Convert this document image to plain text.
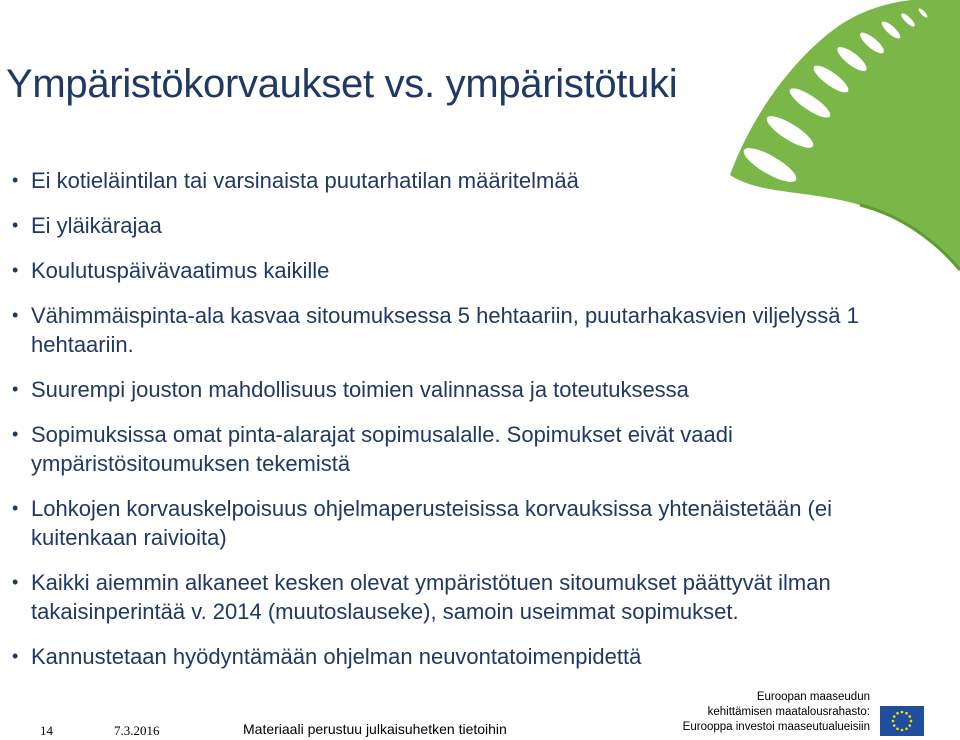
Ympäristökorvaukset vs. ympäristötuki
• Ei kotieläintilan tai varsinaista puutarhatilan määritelmää
• Ei yläikärajaa
• Koulutuspäivävaatimus kaikille
• Vähimmäispinta-ala kasvaa sitoumuksessa 5 hehtaariin, puutarhakasvien viljelyssä 1 hehtaariin.
• Suurempi jouston mahdollisuus toimien valinnassa ja toteutuksessa
• Sopimuksissa omat pinta-alarajat sopimusalalle. Sopimukset eivät vaadi ympäristösitoumuksen tekemistä
• Lohkojen korvauskelpoisuus ohjelmaperusteisissa korvauksissa yhtenäistetään (ei kuitenkaan raivioita)
• Kaikki aiemmin alkaneet kesken olevat ympäristötuen sitoumukset päättyvät ilman takaisinperintää v. 2014 (muutoslauseke), samoin useimmat sopimukset.
• Kannustetaan hyödyntämään ohjelman neuvontatoimenpidettä
14	7.3.2016	Materiaali perustuu julkaisuhetken tietoihin
Euroopan maaseudun
kehittämisen maatalousrahasto:
Eurooppa investoi maaseutualueisiin
